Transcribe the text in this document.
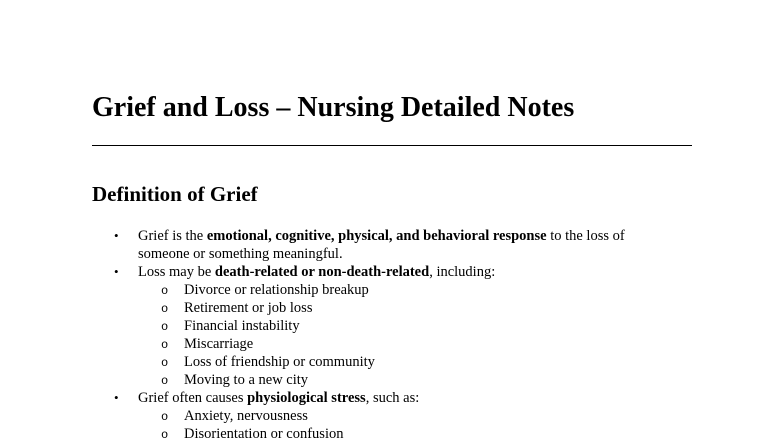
Grief and Loss – Nursing Detailed Notes
Definition of Grief
•	Grief is the emotional, cognitive, physical, and behavioral response to the loss of
someone or something meaningful.
•	Loss may be death-related or non-death-related, including:
o Divorce or relationship breakup
o Retirement or job loss
o Financial instability
o Miscarriage
o Loss of friendship or community
o Moving to a new city
•	Grief often causes physiological stress, such as:
o Anxiety, nervousness
o Disorientation or confusion
